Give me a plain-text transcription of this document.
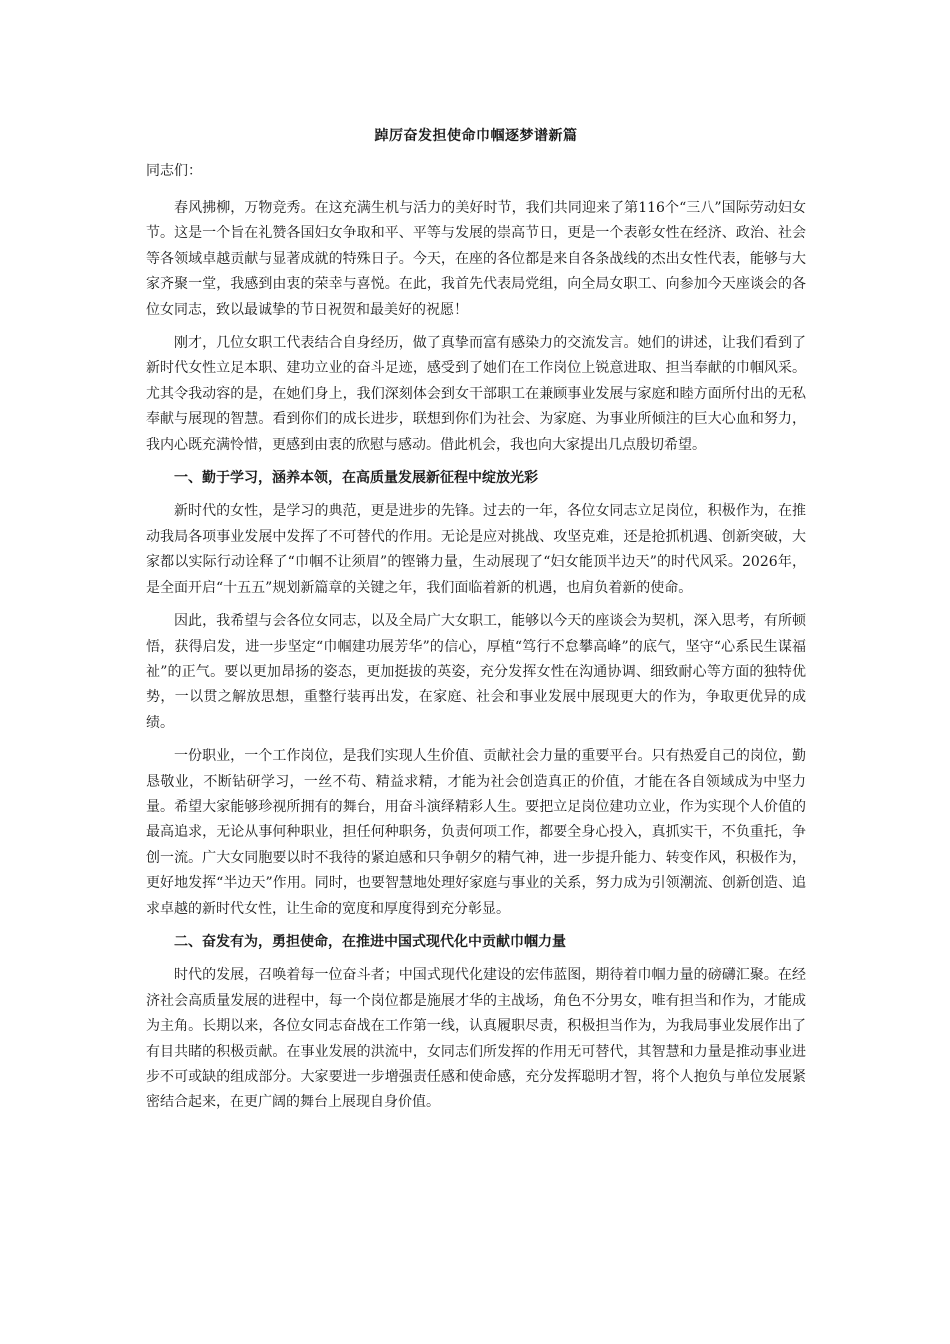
踔厉奋发担使命巾帼逐梦谱新篇
同志们：

春风拂柳，万物竞秀。在这充满生机与活力的美好时节，我们共同迎来了第116个“三八”国际劳动妇女节。这是一个旨在礼赞各国妇女争取和平、平等与发展的崇高节日，更是一个表彰女性在经济、政治、社会等各领域卓越贡献与显著成就的特殊日子。今天，在座的各位都是来自各条战线的杰出女性代表，能够与大家齐聚一堂，我感到由衷的荣幸与喜悦。在此，我首先代表局党组，向全局女职工、向参加今天座谈会的各位女同志，致以最诚挚的节日祝贺和最美好的祝愿！

刚才，几位女职工代表结合自身经历，做了真挚而富有感染力的交流发言。她们的讲述，让我们看到了新时代女性立足本职、建功立业的奋斗足迹，感受到了她们在工作岗位上锐意进取、担当奉献的巾帼风采。尤其令我动容的是，在她们身上，我们深刻体会到女干部职工在兼顾事业发展与家庭和睦方面所付出的无私奉献与展现的智慧。看到你们的成长进步，联想到你们为社会、为家庭、为事业所倾注的巨大心血和努力，我内心既充满怜惜，更感到由衷的欣慰与感动。借此机会，我也向大家提出几点殷切希望。

一、勤于学习，涵养本领，在高质量发展新征程中绽放光彩

新时代的女性，是学习的典范，更是进步的先锋。过去的一年，各位女同志立足岗位，积极作为，在推动我局各项事业发展中发挥了不可替代的作用。无论是应对挑战、攻坚克难，还是抢抓机遇、创新突破，大家都以实际行动诠释了“巾帼不让须眉”的铿锵力量，生动展现了“妇女能顶半边天”的时代风采。2026年，是全面开启“十五五”规划新篇章的关键之年，我们面临着新的机遇，也肩负着新的使命。

因此，我希望与会各位女同志，以及全局广大女职工，能够以今天的座谈会为契机，深入思考，有所顿悟，获得启发，进一步坚定“巾帼建功展芳华”的信心，厚植“笃行不怠攀高峰”的底气，坚守“心系民生谋福祉”的正气。要以更加昂扬的姿态，更加挺拔的英姿，充分发挥女性在沟通协调、细致耐心等方面的独特优势，一以贯之解放思想，重整行装再出发，在家庭、社会和事业发展中展现更大的作为，争取更优异的成绩。

一份职业，一个工作岗位，是我们实现人生价值、贡献社会力量的重要平台。只有热爱自己的岗位，勤恳敬业，不断钻研学习，一丝不苟、精益求精，才能为社会创造真正的价值，才能在各自领域成为中坚力量。希望大家能够珍视所拥有的舞台，用奋斗演绎精彩人生。要把立足岗位建功立业，作为实现个人价值的最高追求，无论从事何种职业，担任何种职务，负责何项工作，都要全身心投入，真抓实干，不负重托，争创一流。广大女同胞要以时不我待的紧迫感和只争朝夕的精气神，进一步提升能力、转变作风，积极作为，更好地发挥“半边天”作用。同时，也要智慧地处理好家庭与事业的关系，努力成为引领潮流、创新创造、追求卓越的新时代女性，让生命的宽度和厚度得到充分彰显。

二、奋发有为，勇担使命，在推进中国式现代化中贡献巾帼力量

时代的发展，召唤着每一位奋斗者；中国式现代化建设的宏伟蓝图，期待着巾帼力量的磅礴汇聚。在经济社会高质量发展的进程中，每一个岗位都是施展才华的主战场，角色不分男女，唯有担当和作为，才能成为主角。长期以来，各位女同志奋战在工作第一线，认真履职尽责，积极担当作为，为我局事业发展作出了有目共睹的积极贡献。在事业发展的洪流中，女同志们所发挥的作用无可替代，其智慧和力量是推动事业进步不可或缺的组成部分。大家要进一步增强责任感和使命感，充分发挥聪明才智，将个人抱负与单位发展紧密结合起来，在更广阔的舞台上展现自身价值。
